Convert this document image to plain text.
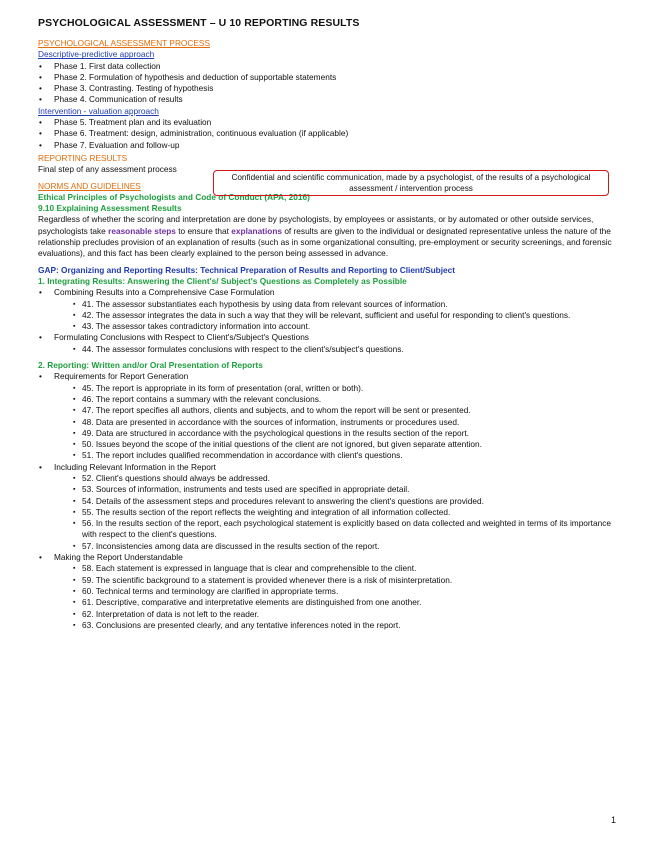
PSYCHOLOGICAL ASSESSMENT – U 10 REPORTING RESULTS
PSYCHOLOGICAL ASSESSMENT PROCESS
Descriptive-predictive approach
• Phase 1. First data collection
• Phase 2. Formulation of hypothesis and deduction of supportable statements
• Phase 3. Contrasting. Testing of hypothesis
• Phase 4. Communication of results
Intervention - valuation approach
• Phase 5. Treatment plan and its evaluation
• Phase 6. Treatment: design, administration, continuous evaluation (if applicable)
• Phase 7. Evaluation and follow-up
REPORTING RESULTS
Final step of any assessment process
NORMS AND GUIDELINES
Ethical Principles of Psychologists and Code of Conduct (APA, 2016)
9.10 Explaining Assessment Results

Regardless of whether the scoring and interpretation are done by psychologists, by employees or assistants, or by automated or other outside services, psychologists take reasonable steps to ensure that explanations of results are given to the individual or designated representative unless the nature of the relationship precludes provision of an explanation of results (such as in some organizational consulting, pre-employment or security screenings, and forensic evaluations), and this fact has been clearly explained to the person being assessed in advance.

GAP: Organizing and Reporting Results: Technical Preparation of Results and Reporting to Client/Subject
1. Integrating Results: Answering the Client's/ Subject's Questions as Completely as Possible
• Combining Results into a Comprehensive Case Formulation
▪ 41. The assessor substantiates each hypothesis by using data from relevant sources of information.
▪ 42. The assessor integrates the data in such a way that they will be relevant, sufficient and useful for responding to client's questions.
▪ 43. The assessor takes contradictory information into account.
• Formulating Conclusions with Respect to Client's/Subject's Questions
▪ 44. The assessor formulates conclusions with respect to the client's/subject's questions.
2. Reporting: Written and/or Oral Presentation of Reports
• Requirements for Report Generation
▪ 45. The report is appropriate in its form of presentation (oral, written or both).
▪ 46. The report contains a summary with the relevant conclusions.
▪ 47. The report specifies all authors, clients and subjects, and to whom the report will be sent or presented.
▪ 48. Data are presented in accordance with the sources of information, instruments or procedures used.
▪ 49. Data are structured in accordance with the psychological questions in the results section of the report.
▪ 50. Issues beyond the scope of the initial questions of the client are not ignored, but given separate attention.
▪ 51. The report includes qualified recommendation in accordance with client's questions.
• Including Relevant Information in the Report
▪ 52. Client's questions should always be addressed.
▪ 53. Sources of information, instruments and tests used are specified in appropriate detail.
▪ 54. Details of the assessment steps and procedures relevant to answering the client's questions are provided.
▪ 55. The results section of the report reflects the weighting and integration of all information collected.
▪ 56. In the results section of the report, each psychological statement is explicitly based on data collected and weighted in terms of its importance with respect to the client's questions.
▪ 57. Inconsistencies among data are discussed in the results section of the report.
• Making the Report Understandable
▪ 58. Each statement is expressed in language that is clear and comprehensible to the client.
▪ 59. The scientific background to a statement is provided whenever there is a risk of misinterpretation.
▪ 60. Technical terms and terminology are clarified in appropriate terms.
▪ 61. Descriptive, comparative and interpretative elements are distinguished from one another.
▪ 62. Interpretation of data is not left to the reader.
▪ 63. Conclusions are presented clearly, and any tentative inferences noted in the report.
Confidential and scientific communication, made by a psychologist, of the results of a psychological assessment / intervention process
1
